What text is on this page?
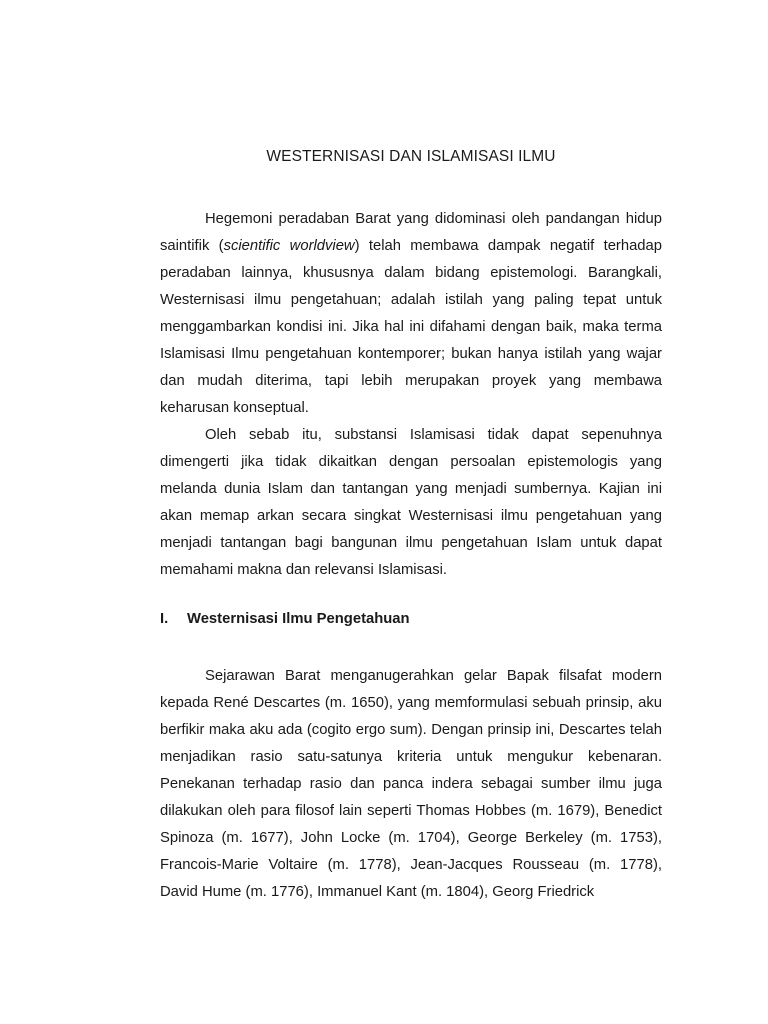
WESTERNISASI DAN ISLAMISASI ILMU

Hegemoni peradaban Barat yang didominasi oleh pandangan hidup saintifik (scientific worldview) telah membawa dampak negatif terhadap peradaban lainnya, khususnya dalam bidang epistemologi. Barangkali, Westernisasi ilmu pengetahuan; adalah istilah yang paling tepat untuk menggambarkan kondisi ini. Jika hal ini difahami dengan baik, maka terma Islamisasi Ilmu pengetahuan kontemporer; bukan hanya istilah yang wajar dan mudah diterima, tapi lebih merupakan proyek yang membawa keharusan konseptual.

Oleh sebab itu, substansi Islamisasi tidak dapat sepenuhnya dimengerti jika tidak dikaitkan dengan persoalan epistemologis yang melanda dunia Islam dan tantangan yang menjadi sumbernya. Kajian ini akan memap arkan secara singkat Westernisasi ilmu pengetahuan yang menjadi tantangan bagi bangunan ilmu pengetahuan Islam untuk dapat memahami makna dan relevansi Islamisasi.

I. Westernisasi Ilmu Pengetahuan

Sejarawan Barat menganugerahkan gelar Bapak filsafat modern kepada René Descartes (m. 1650), yang memformulasi sebuah prinsip, aku berfikir maka aku ada (cogito ergo sum). Dengan prinsip ini, Descartes telah menjadikan rasio satu-satunya kriteria untuk mengukur kebenaran. Penekanan terhadap rasio dan panca indera sebagai sumber ilmu juga dilakukan oleh para filosof lain seperti Thomas Hobbes (m. 1679), Benedict Spinoza (m. 1677), John Locke (m. 1704), George Berkeley (m. 1753), Francois-Marie Voltaire (m. 1778), Jean-Jacques Rousseau (m. 1778), David Hume (m. 1776), Immanuel Kant (m. 1804), Georg Friedrick
